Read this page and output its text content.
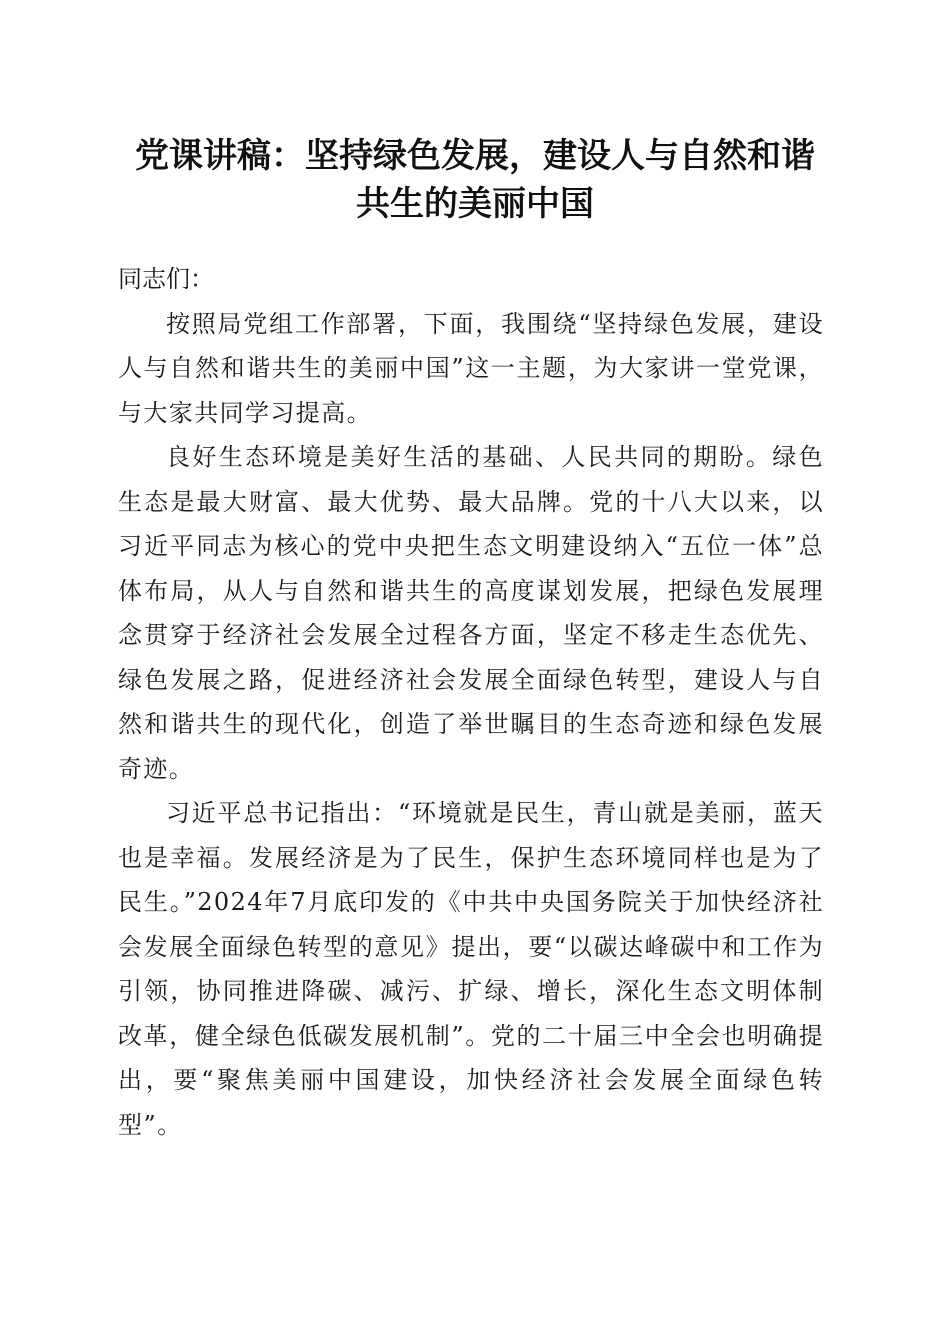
党课讲稿：坚持绿色发展，建设人与自然和谐
共生的美丽中国

同志们：

按照局党组工作部署，下面，我围绕“坚持绿色发展，建设人与自然和谐共生的美丽中国”这一主题，为大家讲一堂党课，与大家共同学习提高。

良好生态环境是美好生活的基础、人民共同的期盼。绿色生态是最大财富、最大优势、最大品牌。党的十八大以来，以习近平同志为核心的党中央把生态文明建设纳入“五位一体”总体布局，从人与自然和谐共生的高度谋划发展，把绿色发展理念贯穿于经济社会发展全过程各方面，坚定不移走生态优先、绿色发展之路，促进经济社会发展全面绿色转型，建设人与自然和谐共生的现代化，创造了举世瞩目的生态奇迹和绿色发展奇迹。

习近平总书记指出：“环境就是民生，青山就是美丽，蓝天也是幸福。发展经济是为了民生，保护生态环境同样也是为了民生。”2024年7月底印发的《中共中央国务院关于加快经济社会发展全面绿色转型的意见》提出，要“以碳达峰碳中和工作为引领，协同推进降碳、减污、扩绿、增长，深化生态文明体制改革，健全绿色低碳发展机制”。党的二十届三中全会也明确提出，要“聚焦美丽中国建设，加快经济社会发展全面绿色转型”。
